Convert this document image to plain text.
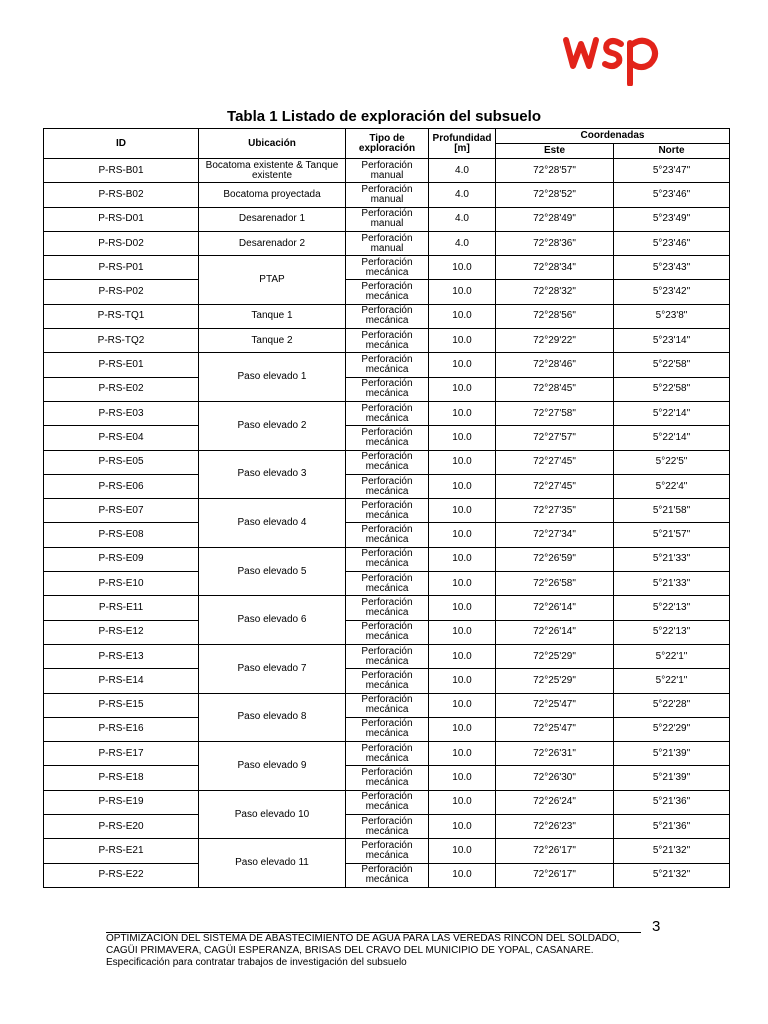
Tabla 1 Listado de exploración del subsuelo
ID	Ubicación	Tipo de exploración	Profundidad [m]	Coordenadas	
				Este	Norte
P-RS-B01	Bocatoma existente & Tanque existente	Perforación manual	4.0	72°28'57"	5°23'47"
P-RS-B02	Bocatoma proyectada	Perforación manual	4.0	72°28'52"	5°23'46"
P-RS-D01	Desarenador 1	Perforación manual	4.0	72°28'49"	5°23'49"
P-RS-D02	Desarenador 2	Perforación manual	4.0	72°28'36"	5°23'46"
P-RS-P01	PTAP	Perforación mecánica	10.0	72°28'34"	5°23'43"
P-RS-P02		Perforación mecánica	10.0	72°28'32"	5°23'42"
P-RS-TQ1	Tanque 1	Perforación mecánica	10.0	72°28'56"	5°23'8"
P-RS-TQ2	Tanque 2	Perforación mecánica	10.0	72°29'22"	5°23'14"
P-RS-E01	Paso elevado 1	Perforación mecánica	10.0	72°28'46"	5°22'58"
P-RS-E02		Perforación mecánica	10.0	72°28'45"	5°22'58"
P-RS-E03	Paso elevado 2	Perforación mecánica	10.0	72°27'58"	5°22'14"
P-RS-E04		Perforación mecánica	10.0	72°27'57"	5°22'14"
P-RS-E05	Paso elevado 3	Perforación mecánica	10.0	72°27'45"	5°22'5"
P-RS-E06		Perforación mecánica	10.0	72°27'45"	5°22'4"
P-RS-E07	Paso elevado 4	Perforación mecánica	10.0	72°27'35"	5°21'58"
P-RS-E08		Perforación mecánica	10.0	72°27'34"	5°21'57"
P-RS-E09	Paso elevado 5	Perforación mecánica	10.0	72°26'59"	5°21'33"
P-RS-E10		Perforación mecánica	10.0	72°26'58"	5°21'33"
P-RS-E11	Paso elevado 6	Perforación mecánica	10.0	72°26'14"	5°22'13"
P-RS-E12		Perforación mecánica	10.0	72°26'14"	5°22'13"
P-RS-E13	Paso elevado 7	Perforación mecánica	10.0	72°25'29"	5°22'1"
P-RS-E14		Perforación mecánica	10.0	72°25'29"	5°22'1"
P-RS-E15	Paso elevado 8	Perforación mecánica	10.0	72°25'47"	5°22'28"
P-RS-E16		Perforación mecánica	10.0	72°25'47"	5°22'29"
P-RS-E17	Paso elevado 9	Perforación mecánica	10.0	72°26'31"	5°21'39"
P-RS-E18		Perforación mecánica	10.0	72°26'30"	5°21'39"
P-RS-E19	Paso elevado 10	Perforación mecánica	10.0	72°26'24"	5°21'36"
P-RS-E20		Perforación mecánica	10.0	72°26'23"	5°21'36"
P-RS-E21	Paso elevado 11	Perforación mecánica	10.0	72°26'17"	5°21'32"
P-RS-E22		Perforación mecánica	10.0	72°26'17"	5°21'32"
3
OPTIMIZACIÓN DEL SISTEMA DE ABASTECIMIENTO DE AGUA PARA LAS VEREDAS RINCÓN DEL SOLDADO,
CAGÜI PRIMAVERA, CAGÜI ESPERANZA, BRISAS DEL CRAVO DEL MUNICIPIO DE YOPAL, CASANARE.
Especificación para contratar trabajos de investigación del subsuelo
